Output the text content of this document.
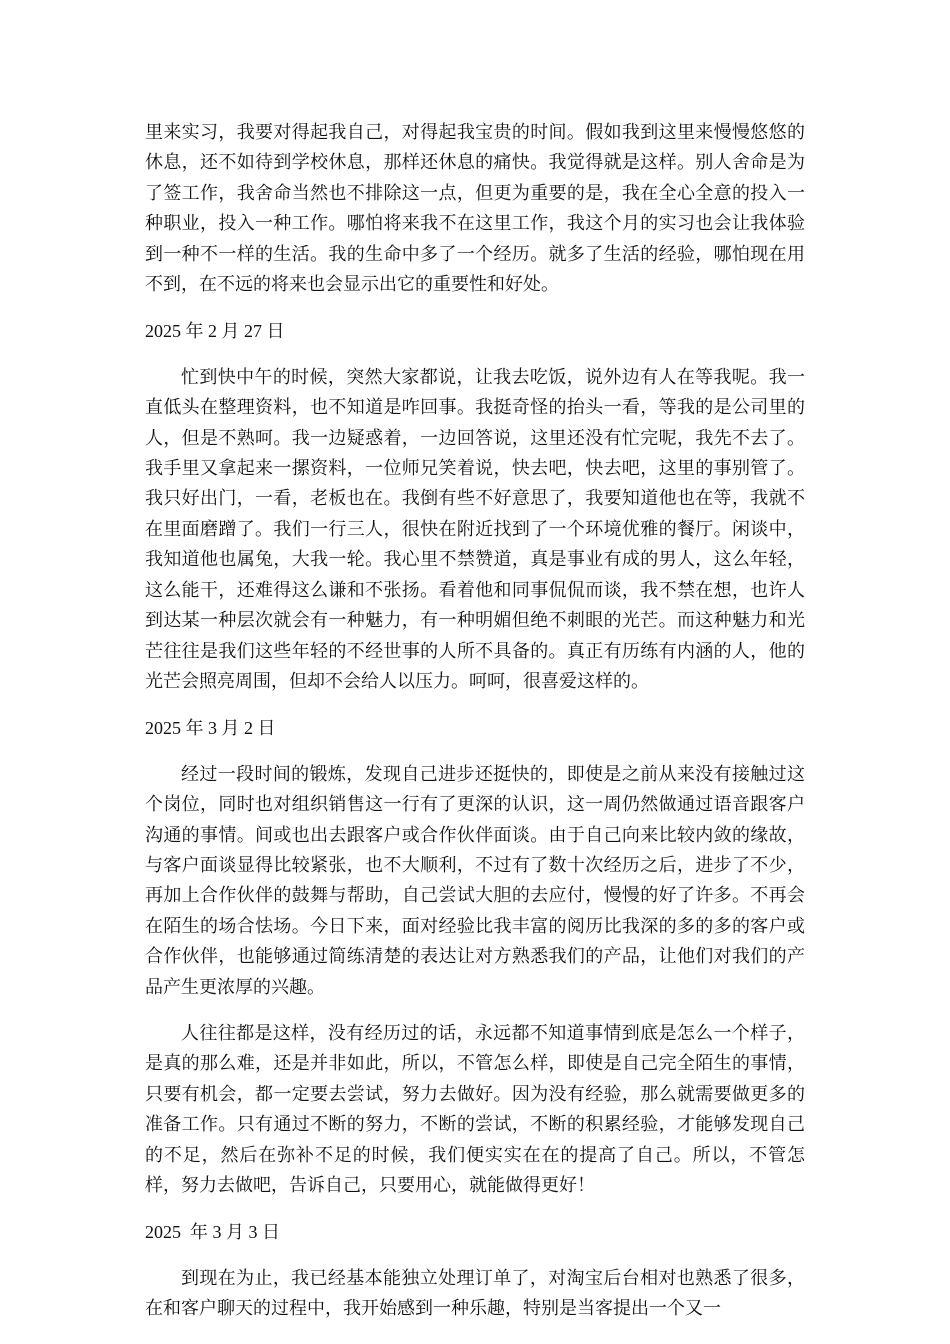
里来实习，我要对得起我自己，对得起我宝贵的时间。假如我到这里来慢慢悠悠的休息，还不如待到学校休息，那样还休息的痛快。我觉得就是这样。别人舍命是为了签工作，我舍命当然也不排除这一点，但更为重要的是，我在全心全意的投入一种职业，投入一种工作。哪怕将来我不在这里工作，我这个月的实习也会让我体验到一种不一样的生活。我的生命中多了一个经历。就多了生活的经验，哪怕现在用不到，在不远的将来也会显示出它的重要性和好处。

2025 年 2 月 27 日

忙到快中午的时候，突然大家都说，让我去吃饭，说外边有人在等我呢。我一直低头在整理资料，也不知道是咋回事。我挺奇怪的抬头一看，等我的是公司里的人，但是不熟呵。我一边疑惑着，一边回答说，这里还没有忙完呢，我先不去了。我手里又拿起来一摞资料，一位师兄笑着说，快去吧，快去吧，这里的事别管了。我只好出门，一看，老板也在。我倒有些不好意思了，我要知道他也在等，我就不在里面磨蹭了。我们一行三人，很快在附近找到了一个环境优雅的餐厅。闲谈中，我知道他也属兔，大我一轮。我心里不禁赞道，真是事业有成的男人，这么年轻，这么能干，还难得这么谦和不张扬。看着他和同事侃侃而谈，我不禁在想，也许人到达某一种层次就会有一种魅力，有一种明媚但绝不刺眼的光芒。而这种魅力和光芒往往是我们这些年轻的不经世事的人所不具备的。真正有历练有内涵的人，他的光芒会照亮周围，但却不会给人以压力。呵呵，很喜爱这样的。

2025 年 3 月 2 日

经过一段时间的锻炼，发现自己进步还挺快的，即使是之前从来没有接触过这个岗位，同时也对组织销售这一行有了更深的认识，这一周仍然做通过语音跟客户沟通的事情。间或也出去跟客户或合作伙伴面谈。由于自己向来比较内敛的缘故，与客户面谈显得比较紧张，也不大顺利，不过有了数十次经历之后，进步了不少，再加上合作伙伴的鼓舞与帮助，自己尝试大胆的去应付，慢慢的好了许多。不再会在陌生的场合怯场。今日下来，面对经验比我丰富的阅历比我深的多的多的客户或合作伙伴，也能够通过简练清楚的表达让对方熟悉我们的产品，让他们对我们的产品产生更浓厚的兴趣。

人往往都是这样，没有经历过的话，永远都不知道事情到底是怎么一个样子，是真的那么难，还是并非如此，所以，不管怎么样，即使是自己完全陌生的事情，只要有机会，都一定要去尝试，努力去做好。因为没有经验，那么就需要做更多的准备工作。只有通过不断的努力，不断的尝试，不断的积累经验，才能够发现自己的不足，然后在弥补不足的时候，我们便实实在在的提高了自己。所以，不管怎样，努力去做吧，告诉自己，只要用心，就能做得更好！

2025  年 3 月 3 日

到现在为止，我已经基本能独立处理订单了，对淘宝后台相对也熟悉了很多，在和客户聊天的过程中，我开始感到一种乐趣，特别是当客提出一个又一
